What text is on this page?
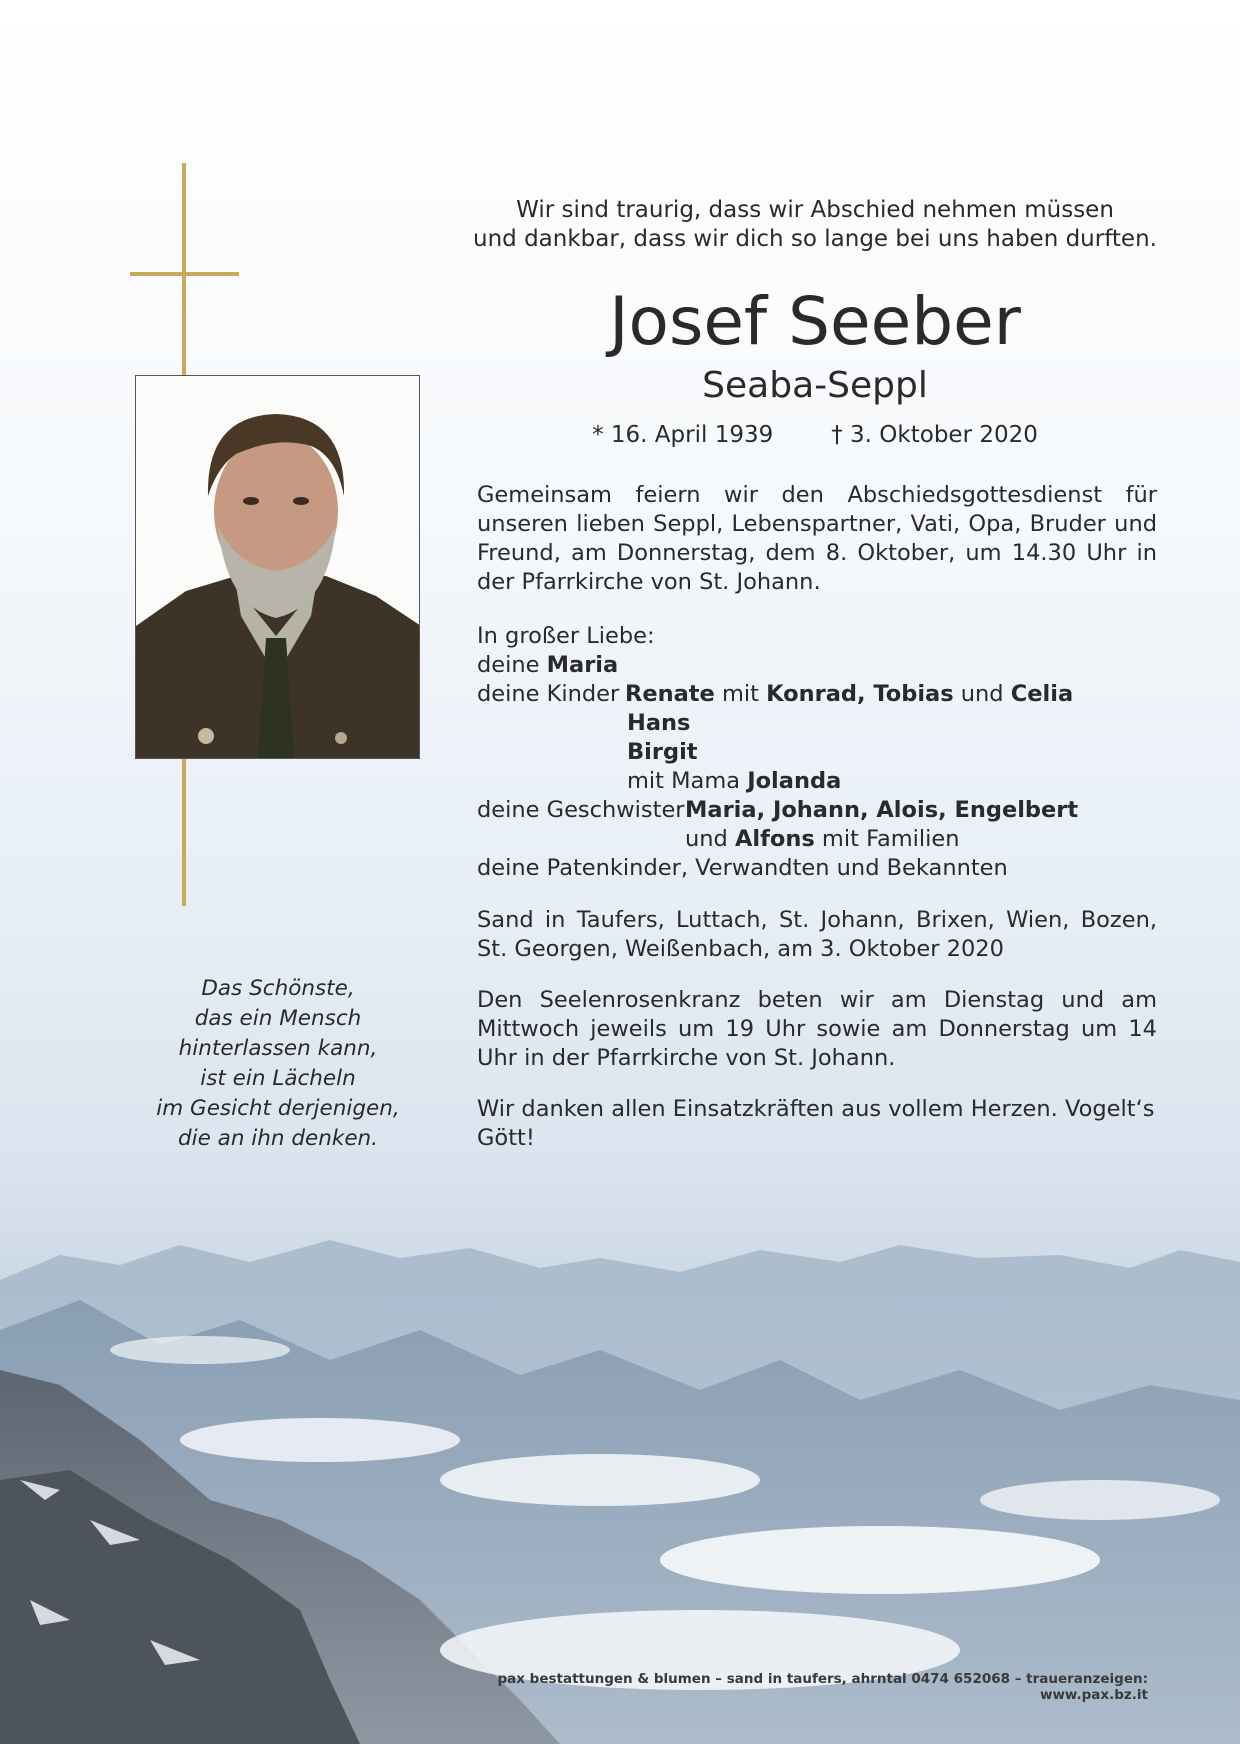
Wir sind traurig, dass wir Abschied nehmen müssen
und dankbar, dass wir dich so lange bei uns haben durften.
Josef Seeber
Seaba-Seppl
* 16. April 1939	† 3. Oktober 2020
Gemeinsam feiern wir den Abschiedsgottesdienst für unseren lieben Seppl, Lebenspartner, Vati, Opa, Bruder und Freund, am Donnerstag, dem 8. Oktober, um 14.30 Uhr in der Pfarrkirche von St. Johann.
In großer Liebe:
deine Maria
deine Kinder Renate mit Konrad, Tobias und Celia
Hans
Birgit
mit Mama Jolanda
deine GeschwisterMaria, Johann, Alois, Engelbert
und Alfons mit Familien
deine Patenkinder, Verwandten und Bekannten
Sand in Taufers, Luttach, St. Johann, Brixen, Wien, Bozen, St. Georgen, Weißenbach, am 3. Oktober 2020
Den Seelenrosenkranz beten wir am Dienstag und am Mittwoch jeweils um 19 Uhr sowie am Donnerstag um 14 Uhr in der Pfarrkirche von St. Johann.
Wir danken allen Einsatzkräften aus vollem Herzen. Vogelt‘s Gött!
Das Schönste,
das ein Mensch
hinterlassen kann,
ist ein Lächeln
im Gesicht derjenigen,
die an ihn denken.
pax bestattungen & blumen – sand in taufers, ahrntal 0474 652068 – traueranzeigen: www.pax.bz.it
